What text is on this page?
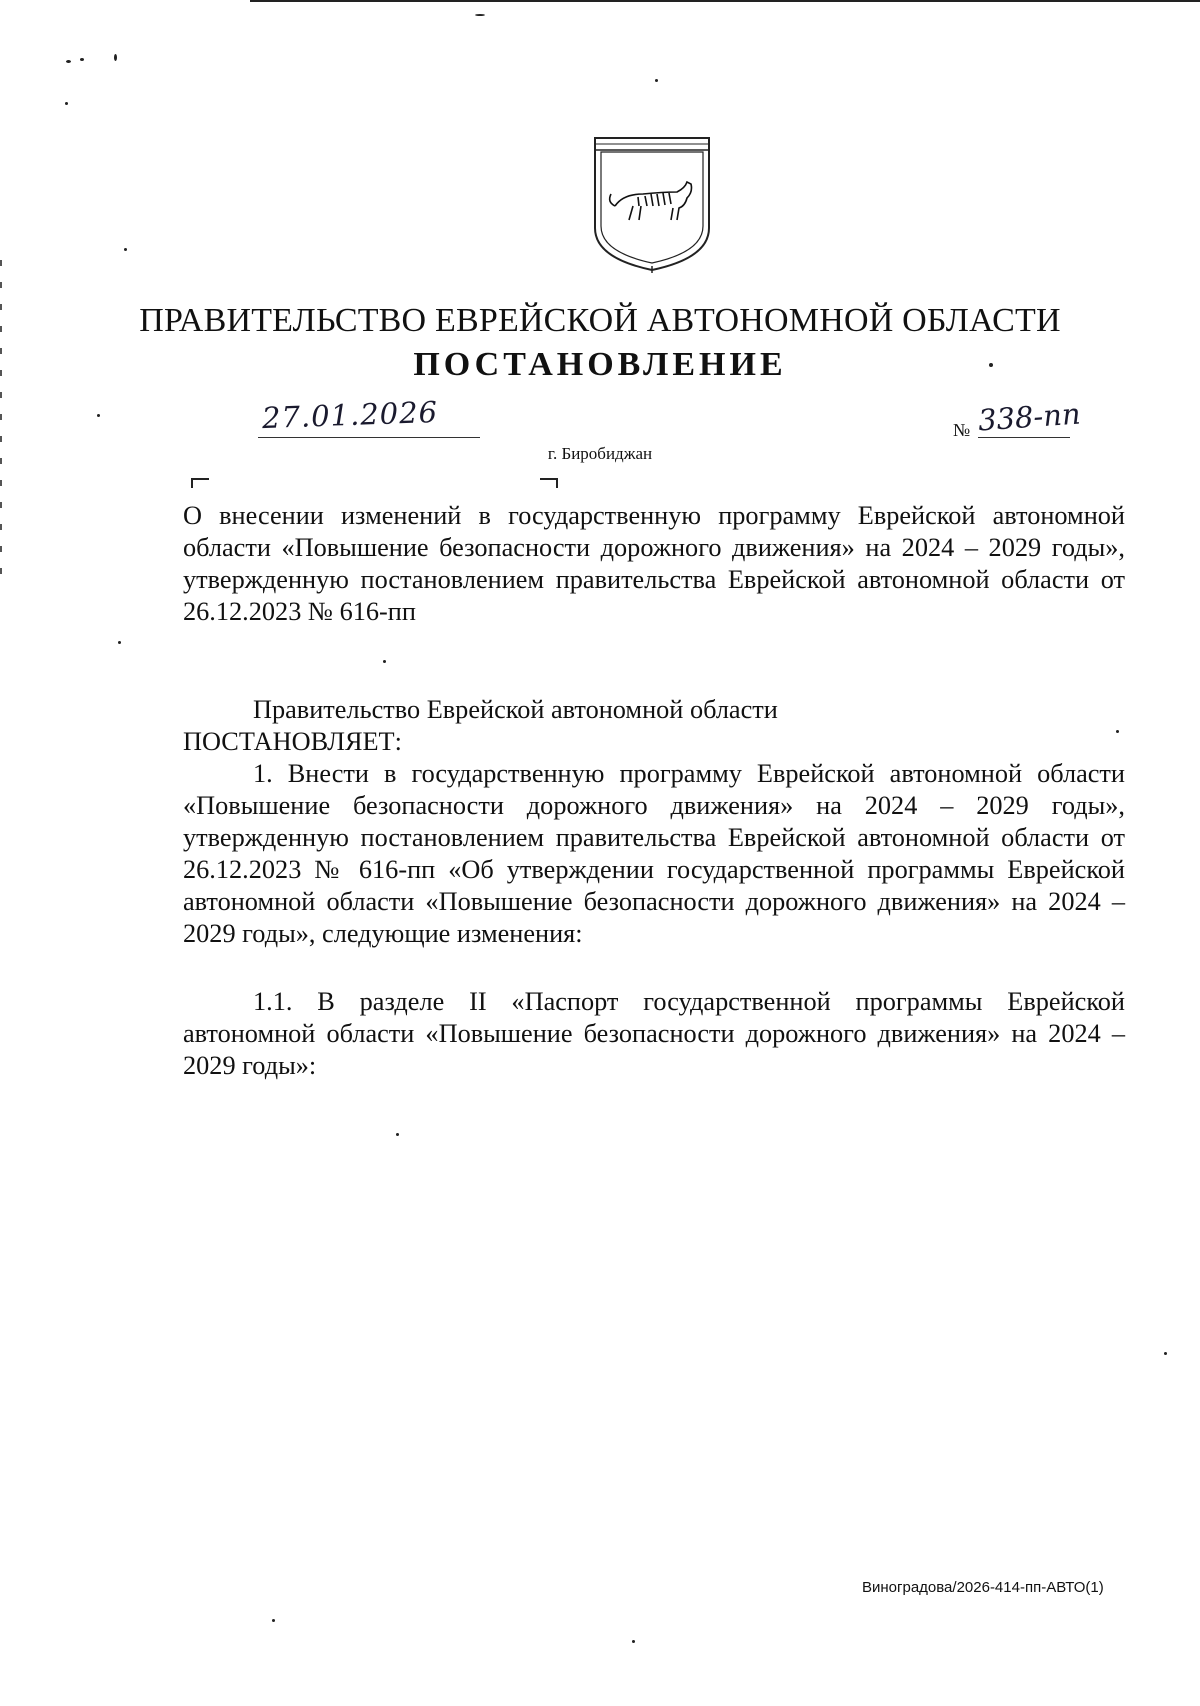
ПРАВИТЕЛЬСТВО ЕВРЕЙСКОЙ АВТОНОМНОЙ ОБЛАСТИ
ПОСТАНОВЛЕНИЕ
27.01.2026	№ 338-пп
г. Биробиджан

О внесении изменений в государственную программу Еврейской автономной области «Повышение безопасности дорожного движения» на 2024 – 2029 годы», утвержденную постановлением правительства Еврейской автономной области от 26.12.2023 № 616-пп

Правительство Еврейской автономной области

ПОСТАНОВЛЯЕТ:

1. Внести в государственную программу Еврейской автономной области «Повышение безопасности дорожного движения» на 2024 – 2029 годы», утвержденную постановлением правительства Еврейской автономной области от 26.12.2023 № 616-пп «Об утверждении государственной программы Еврейской автономной области «Повышение безопасности дорожного движения» на 2024 – 2029 годы», следующие изменения:

1.1. В разделе II «Паспорт государственной программы Еврейской автономной области «Повышение безопасности дорожного движения» на 2024 – 2029 годы»:

Виноградова/2026-414-пп-АВТО(1)
